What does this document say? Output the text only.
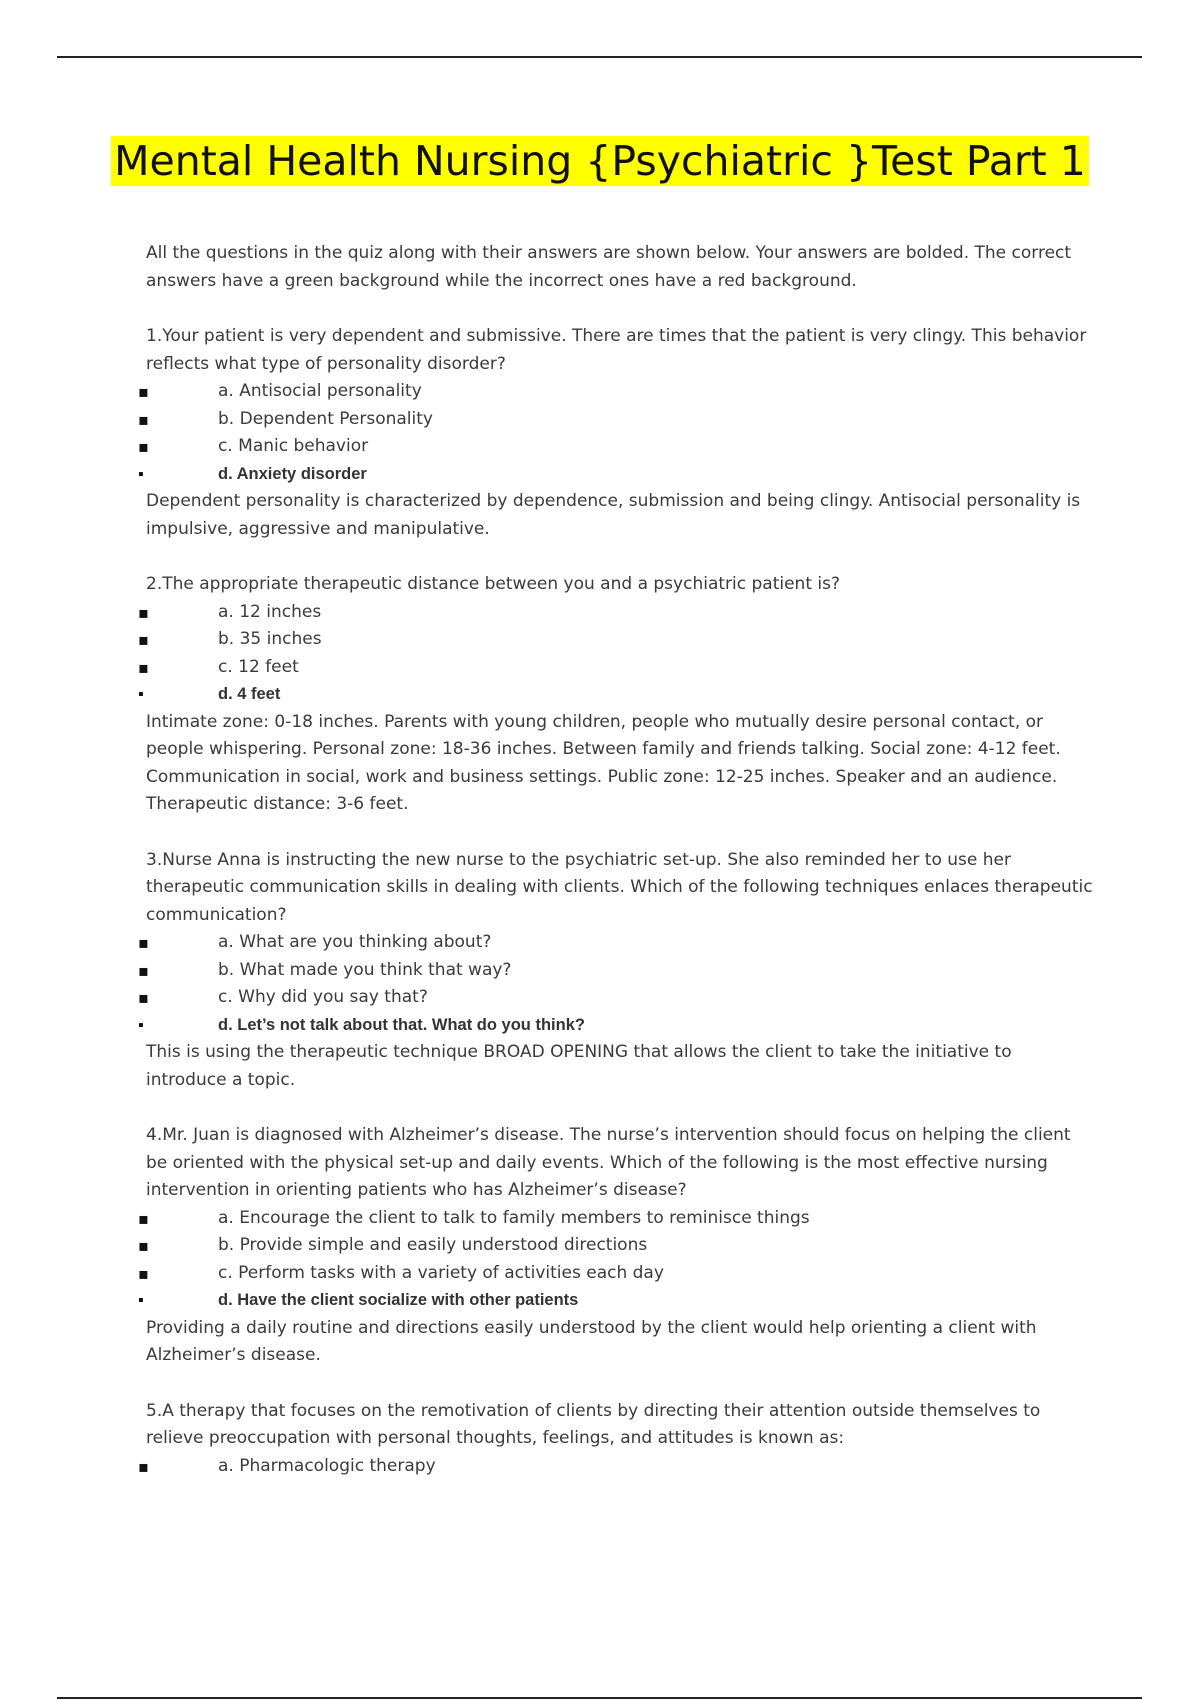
Mental Health Nursing {Psychiatric }Test Part 1

All the questions in the quiz along with their answers are shown below. Your answers are bolded. The correct answers have a green background while the incorrect ones have a red background.

1.Your patient is very dependent and submissive. There are times that the patient is very clingy. This behavior reflects what type of personality disorder?

▪	a. Antisocial personality
▪	b. Dependent Personality
▪	c. Manic behavior
▪	d. Anxiety disorder

Dependent personality is characterized by dependence, submission and being clingy. Antisocial personality is impulsive, aggressive and manipulative.

2.The appropriate therapeutic distance between you and a psychiatric patient is?

▪	a. 12 inches
▪	b. 35 inches
▪	c. 12 feet
▪	d. 4 feet

Intimate zone: 0-18 inches. Parents with young children, people who mutually desire personal contact, or people whispering. Personal zone: 18-36 inches. Between family and friends talking. Social zone: 4-12 feet. Communication in social, work and business settings. Public zone: 12-25 inches. Speaker and an audience. Therapeutic distance: 3-6 feet.

3.Nurse Anna is instructing the new nurse to the psychiatric set-up. She also reminded her to use her therapeutic communication skills in dealing with clients. Which of the following techniques enlaces therapeutic communication?

▪	a. What are you thinking about?
▪	b. What made you think that way?
▪	c. Why did you say that?
▪	d. Let’s not talk about that. What do you think?

This is using the therapeutic technique BROAD OPENING that allows the client to take the initiative to introduce a topic.

4.Mr. Juan is diagnosed with Alzheimer’s disease. The nurse’s intervention should focus on helping the client be oriented with the physical set-up and daily events. Which of the following is the most effective nursing intervention in orienting patients who has Alzheimer’s disease?

▪	a. Encourage the client to talk to family members to reminisce things
▪	b. Provide simple and easily understood directions
▪	c. Perform tasks with a variety of activities each day
▪	d. Have the client socialize with other patients

Providing a daily routine and directions easily understood by the client would help orienting a client with Alzheimer’s disease.

5.A therapy that focuses on the remotivation of clients by directing their attention outside themselves to relieve preoccupation with personal thoughts, feelings, and attitudes is known as:

▪	a. Pharmacologic therapy
